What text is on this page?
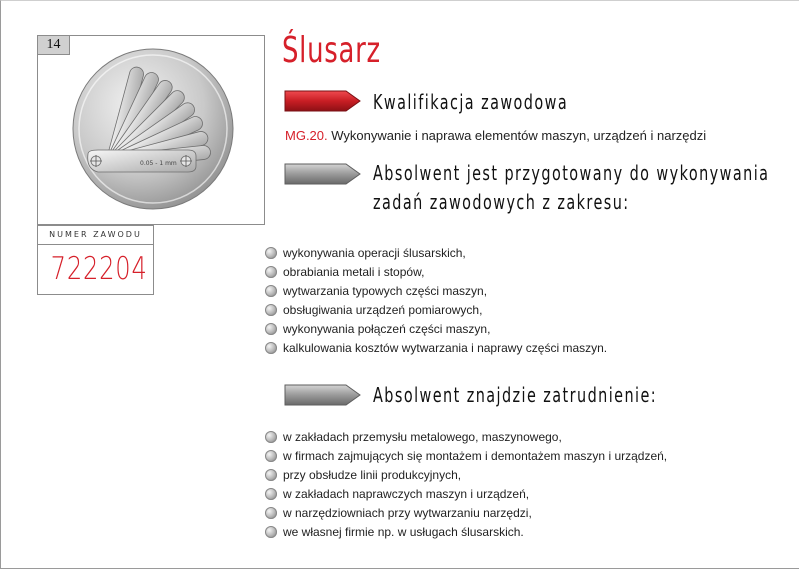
14
0.05 - 1 mm
NUMER ZAWODU
722204
Ślusarz
Kwalifikacja zawodowa
MG.20. Wykonywanie i naprawa elementów maszyn, urządzeń i narzędzi
Absolwent jest przygotowany do wykonywania
zadań zawodowych z zakresu:
wykonywania operacji ślusarskich,
obrabiania metali i stopów,
wytwarzania typowych części maszyn,
obsługiwania urządzeń pomiarowych,
wykonywania połączeń części maszyn,
kalkulowania kosztów wytwarzania i naprawy części maszyn.
Absolwent znajdzie zatrudnienie:
w zakładach przemysłu metalowego, maszynowego,
w firmach zajmujących się montażem i demontażem maszyn i urządzeń,
przy obsłudze linii produkcyjnych,
w zakładach naprawczych maszyn i urządzeń,
w narzędziowniach przy wytwarzaniu narzędzi,
we własnej firmie np. w usługach ślusarskich.
